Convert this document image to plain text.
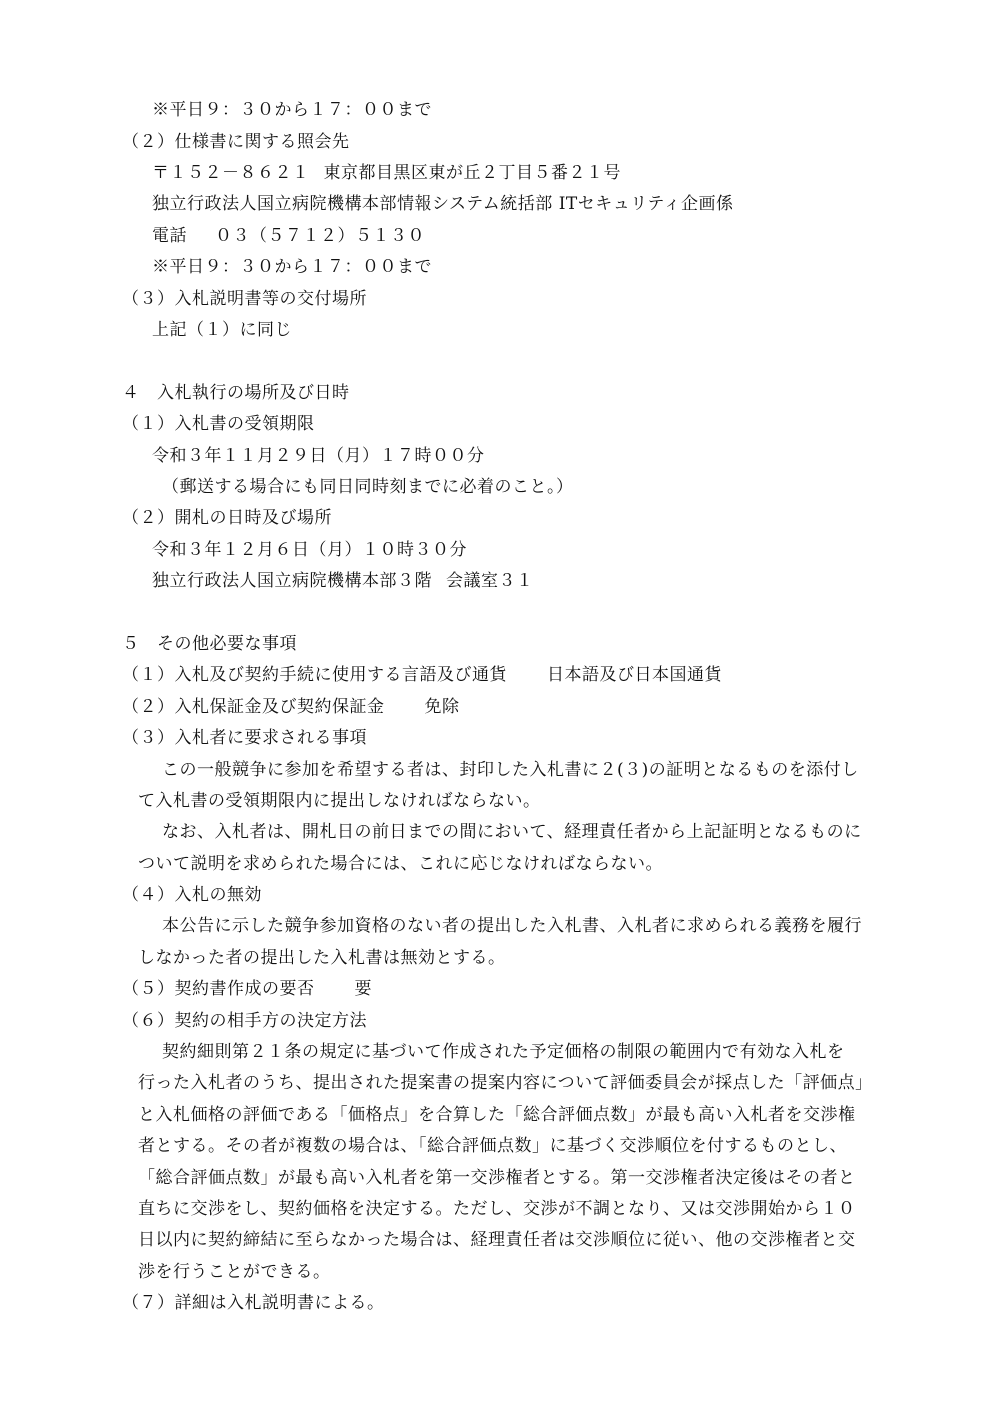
※平日９：３０から１７：００まで
（２）仕様書に関する照会先
〒１５２－８６２１ 東京都目黒区東が丘２丁目５番２１号
独立行政法人国立病院機構本部情報システム統括部 ITセキュリティ企画係
電話 ０３（５７１２）５１３０
※平日９：３０から１７：００まで
（３）入札説明書等の交付場所
上記（１）に同じ
４　入札執行の場所及び日時
（１）入札書の受領期限
令和３年１１月２９日（月）１７時００分
（郵送する場合にも同日同時刻までに必着のこと。）
（２）開札の日時及び場所
令和３年１２月６日（月）１０時３０分
独立行政法人国立病院機構本部３階 会議室３１
５　その他必要な事項
（１）入札及び契約手続に使用する言語及び通貨 日本語及び日本国通貨
（２）入札保証金及び契約保証金 免除
（３）入札者に要求される事項
この一般競争に参加を希望する者は、封印した入札書に２(３)の証明となるものを添付し
て入札書の受領期限内に提出しなければならない。
なお、入札者は、開札日の前日までの間において、経理責任者から上記証明となるものに
ついて説明を求められた場合には、これに応じなければならない。
（４）入札の無効
本公告に示した競争参加資格のない者の提出した入札書、入札者に求められる義務を履行
しなかった者の提出した入札書は無効とする。
（５）契約書作成の要否 要
（６）契約の相手方の決定方法
契約細則第２１条の規定に基づいて作成された予定価格の制限の範囲内で有効な入札を
行った入札者のうち、提出された提案書の提案内容について評価委員会が採点した「評価点」
と入札価格の評価である「価格点」を合算した「総合評価点数」が最も高い入札者を交渉権
者とする。その者が複数の場合は、「総合評価点数」に基づく交渉順位を付するものとし、
「総合評価点数」が最も高い入札者を第一交渉権者とする。第一交渉権者決定後はその者と
直ちに交渉をし、契約価格を決定する。ただし、交渉が不調となり、又は交渉開始から１０
日以内に契約締結に至らなかった場合は、経理責任者は交渉順位に従い、他の交渉権者と交
渉を行うことができる。
（７）詳細は入札説明書による。
